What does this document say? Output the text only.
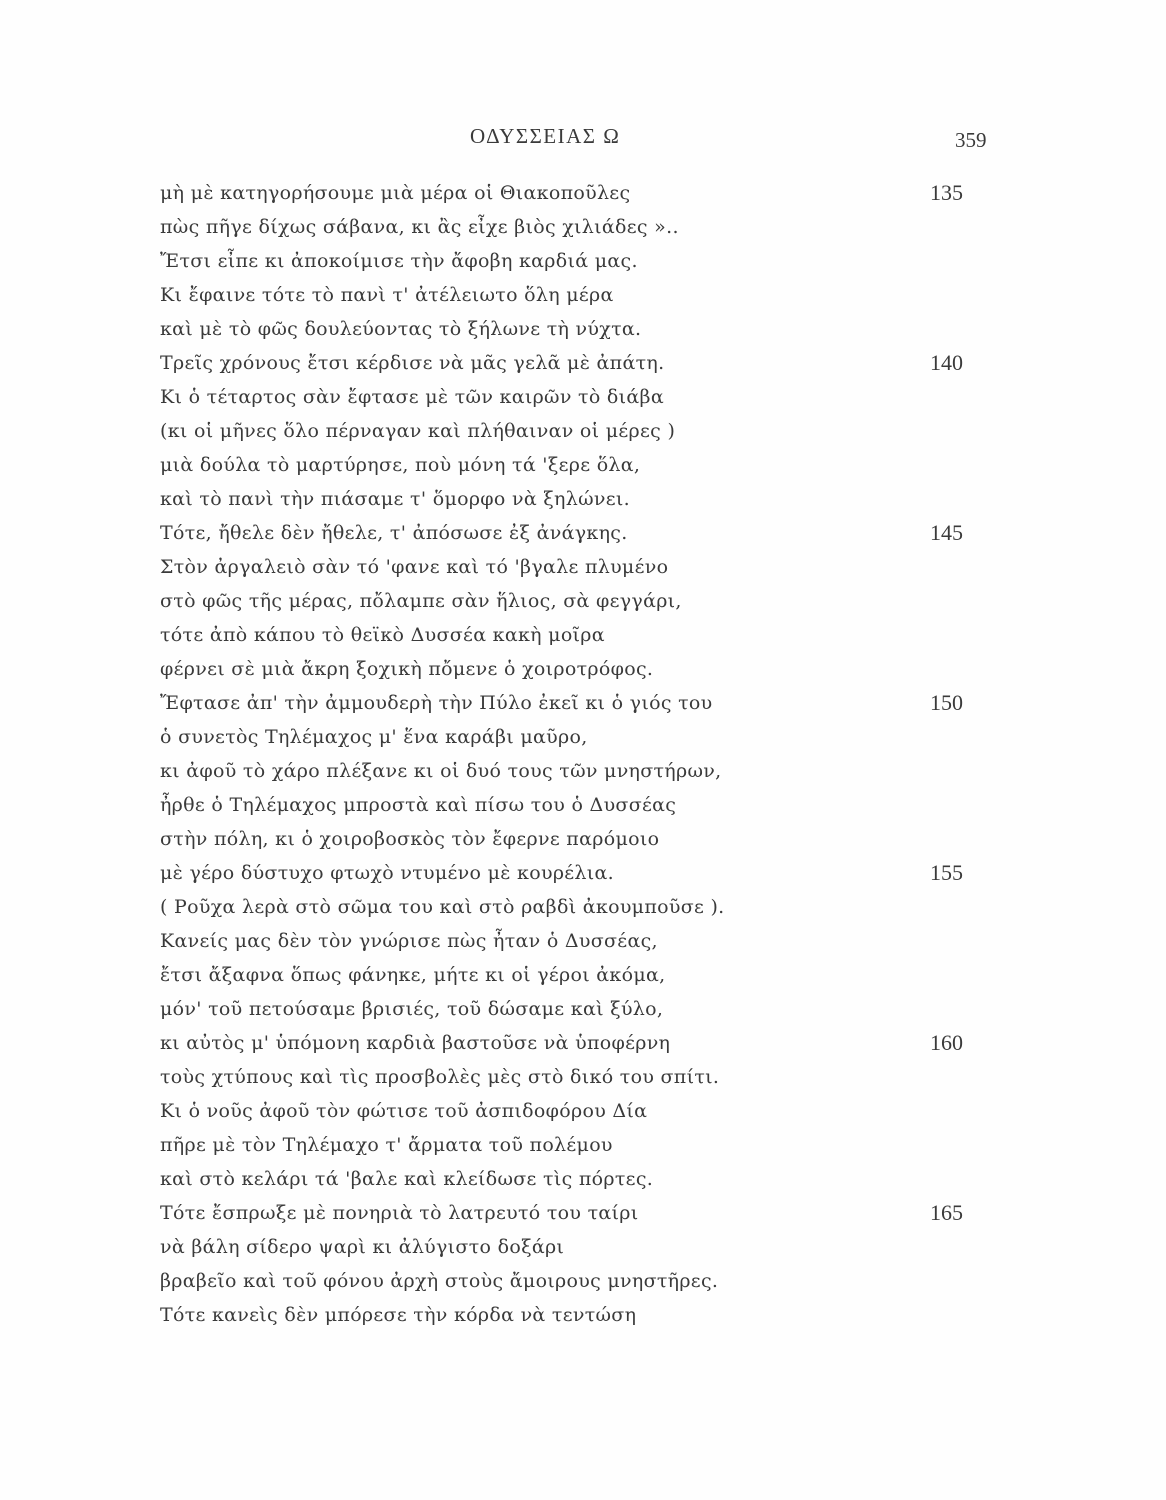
ΟΔΥΣΣΕΙΑΣ Ω	359
μὴ μὲ κατηγορήσουμε μιὰ μέρα οἱ Θιακοποῦλες	135
πὼς πῆγε δίχως σάβανα, κι ἂς εἶχε βιὸς χιλιάδες »..
Ἔτσι εἶπε κι ἀποκοίμισε τὴν ἄφοβη καρδιά μας.
Κι ἔφαινε τότε τὸ πανὶ τ' ἀτέλειωτο ὅλη μέρα
καὶ μὲ τὸ φῶς δουλεύοντας τὸ ξήλωνε τὴ νύχτα.
Τρεῖς χρόνους ἔτσι κέρδισε νὰ μᾶς γελᾶ μὲ ἀπάτη.	140
Κι ὁ τέταρτος σὰν ἔφτασε μὲ τῶν καιρῶν τὸ διάβα
(κι οἱ μῆνες ὅλο πέρναγαν καὶ πλήθαιναν οἱ μέρες )
μιὰ δούλα τὸ μαρτύρησε, ποὺ μόνη τά 'ξερε ὅλα,
καὶ τὸ πανὶ τὴν πιάσαμε τ' ὅμορφο νὰ ξηλώνει.
Τότε, ἤθελε δὲν ἤθελε, τ' ἀπόσωσε ἐξ ἀνάγκης.	145
Στὸν ἀργαλειὸ σὰν τό 'φανε καὶ τό 'βγαλε πλυμένο
στὸ φῶς τῆς μέρας, πὄλαμπε σὰν ἥλιος, σὰ φεγγάρι,
τότε ἀπὸ κάπου τὸ θεϊκὸ Δυσσέα κακὴ μοῖρα
φέρνει σὲ μιὰ ἄκρη ξοχικὴ πὄμενε ὁ χοιροτρόφος.
Ἔφτασε ἀπ' τὴν ἀμμουδερὴ τὴν Πύλο ἐκεῖ κι ὁ γιός του	150
ὁ συνετὸς Τηλέμαχος μ' ἕνα καράβι μαῦρο,
κι ἀφοῦ τὸ χάρο πλέξανε κι οἱ δυό τους τῶν μνηστήρων,
ἦρθε ὁ Τηλέμαχος μπροστὰ καὶ πίσω του ὁ Δυσσέας
στὴν πόλη, κι ὁ χοιροβοσκὸς τὸν ἔφερνε παρόμοιο
μὲ γέρο δύστυχο φτωχὸ ντυμένο μὲ κουρέλια.	155
( Ροῦχα λερὰ στὸ σῶμα του καὶ στὸ ραβδὶ ἀκουμποῦσε ).
Κανείς μας δὲν τὸν γνώρισε πὼς ἦταν ὁ Δυσσέας,
ἔτσι ἄξαφνα ὅπως φάνηκε, μήτε κι οἱ γέροι ἀκόμα,
μόν' τοῦ πετούσαμε βρισιές, τοῦ δώσαμε καὶ ξύλο,
κι αὐτὸς μ' ὑπόμονη καρδιὰ βαστοῦσε νὰ ὑποφέρνη	160
τοὺς χτύπους καὶ τὶς προσβολὲς μὲς στὸ δικό του σπίτι.
Κι ὁ νοῦς ἀφοῦ τὸν φώτισε τοῦ ἀσπιδοφόρου Δία
πῆρε μὲ τὸν Τηλέμαχο τ' ἄρματα τοῦ πολέμου
καὶ στὸ κελάρι τά 'βαλε καὶ κλείδωσε τὶς πόρτες.
Τότε ἔσπρωξε μὲ πονηριὰ τὸ λατρευτό του ταίρι	165
νὰ βάλη σίδερο ψαρὶ κι ἀλύγιστο δοξάρι
βραβεῖο καὶ τοῦ φόνου ἀρχὴ στοὺς ἄμοιρους μνηστῆρες.
Τότε κανεὶς δὲν μπόρεσε τὴν κόρδα νὰ τεντώση
